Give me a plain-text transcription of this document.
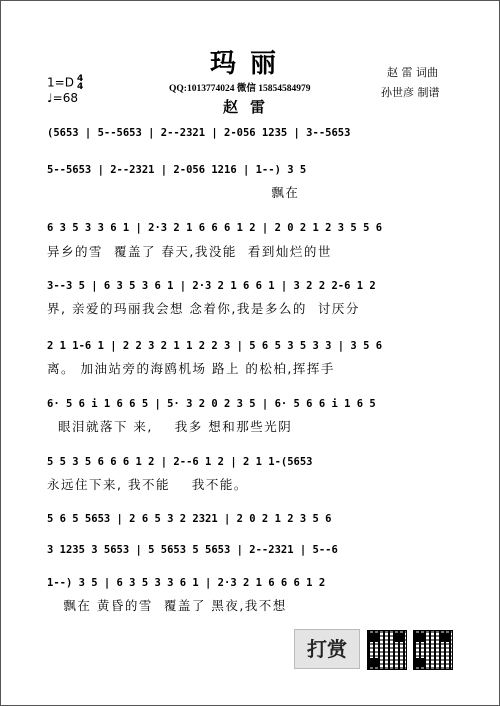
玛丽
QQ:1013774024 微信 15854584979
赵 雷 词曲
孙世彦 制谱
1=D 4
4
♩=68	赵雷
(5653 | 5--5653 | 2--2321 | 2-056 1235 | 3--5653
5--5653 | 2--2321 | 2-056 1216 | 1--) 3 5
飘在
6 3 5 3 3 6 1 | 2·3 2 1 6 6 6 1 2 | 2 0 2 1 2 3 5 5 6
异乡的雪  覆盖了 春天,我没能  看到灿烂的世
3--3 5 | 6 3 5 3 6 1 | 2·3 2 1 6 6 1 | 3 2 2 2-6 1 2
界, 亲爱的玛丽我会想 念着你,我是多么的  讨厌分
2 1 1-6 1 | 2 2 3 2 1 1 2 2 3 | 5 6 5 3 5 3 3 | 3 5 6
离。 加油站旁的海鸥机场 路上 的松柏,挥挥手
6· 5 6 i 1 6 6 5 | 5· 3 2 0 2 3 5 | 6· 5 6 6 i 1 6 5
眼泪就落下 来,    我多 想和那些光阴
5 5 3 5 6 6 6 1 2 | 2--6 1 2 | 2 1 1-(5653
永远住下来, 我不能    我不能。
5 6 5 5653 | 2 6 5 3 2 2321 | 2 0 2 1 2 3 5 6
3 1235 3 5653 | 5 5653 5 5653 | 2--2321 | 5--6
1--) 3 5 | 6 3 5 3 3 6 1 | 2·3 2 1 6 6 6 1 2
飘在 黄昏的雪  覆盖了 黑夜,我不想
打赏
